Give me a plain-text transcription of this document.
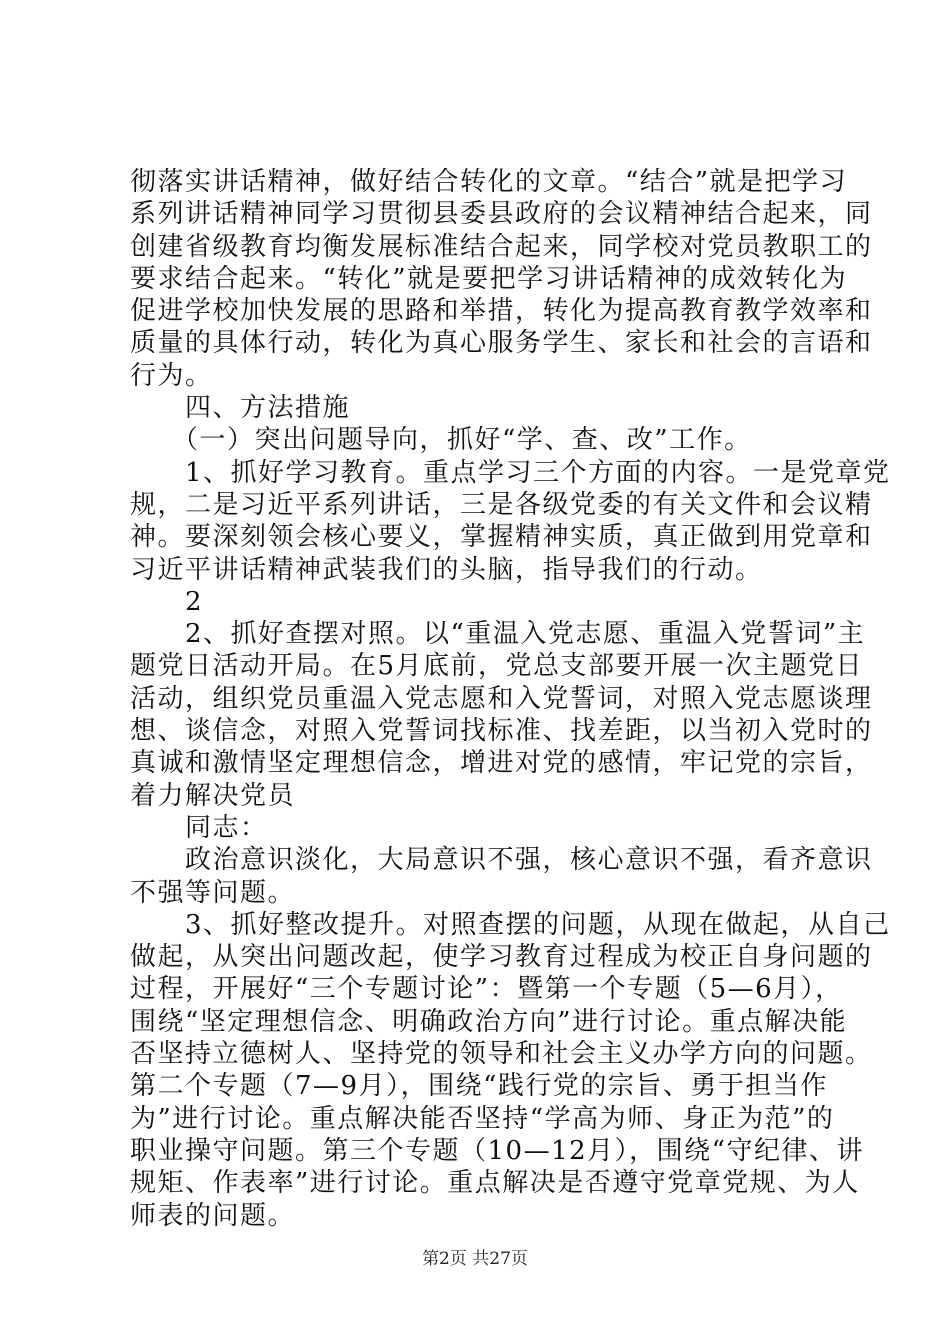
彻落实讲话精神，做好结合转化的文章。“结合”就是把学习
系列讲话精神同学习贯彻县委县政府的会议精神结合起来，同
创建省级教育均衡发展标准结合起来，同学校对党员教职工的
要求结合起来。“转化”就是要把学习讲话精神的成效转化为
促进学校加快发展的思路和举措，转化为提高教育教学效率和
质量的具体行动，转化为真心服务学生、家长和社会的言语和
行为。
　　四、方法措施
　　（一）突出问题导向，抓好“学、查、改”工作。
　　1、抓好学习教育。重点学习三个方面的内容。一是党章党
规，二是习近平系列讲话，三是各级党委的有关文件和会议精
神。要深刻领会核心要义，掌握精神实质，真正做到用党章和
习近平讲话精神武装我们的头脑，指导我们的行动。
　　2
　　2、抓好查摆对照。以“重温入党志愿、重温入党誓词”主
题党日活动开局。在5月底前，党总支部要开展一次主题党日
活动，组织党员重温入党志愿和入党誓词，对照入党志愿谈理
想、谈信念，对照入党誓词找标准、找差距，以当初入党时的
真诚和激情坚定理想信念，增进对党的感情，牢记党的宗旨，
着力解决党员
　　同志：
　　政治意识淡化，大局意识不强，核心意识不强，看齐意识
不强等问题。
　　3、抓好整改提升。对照查摆的问题，从现在做起，从自己
做起，从突出问题改起，使学习教育过程成为校正自身问题的
过程，开展好“三个专题讨论”：暨第一个专题（5—6月），
围绕“坚定理想信念、明确政治方向”进行讨论。重点解决能
否坚持立德树人、坚持党的领导和社会主义办学方向的问题。
第二个专题（7—9月），围绕“践行党的宗旨、勇于担当作
为”进行讨论。重点解决能否坚持“学高为师、身正为范”的
职业操守问题。第三个专题（10—12月），围绕“守纪律、讲
规矩、作表率”进行讨论。重点解决是否遵守党章党规、为人
师表的问题。
第2页 共27页
